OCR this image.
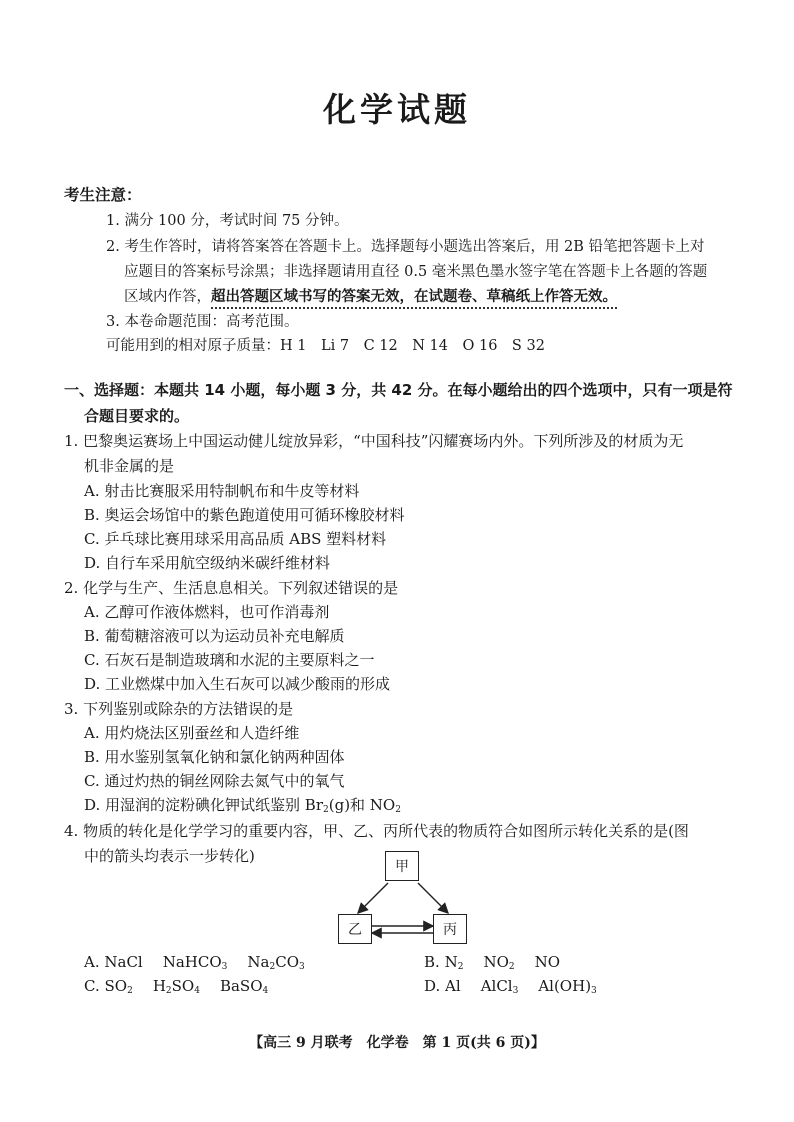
化学试题
考生注意：
1. 满分 100 分，考试时间 75 分钟。
2. 考生作答时，请将答案答在答题卡上。选择题每小题选出答案后，用 2B 铅笔把答题卡上对
应题目的答案标号涂黑；非选择题请用直径 0.5 毫米黑色墨水签字笔在答题卡上各题的答题
区域内作答，超出答题区域书写的答案无效，在试题卷、草稿纸上作答无效。
3. 本卷命题范围：高考范围。
可能用到的相对原子质量：H 1　Li 7　C 12　N 14　O 16　S 32
一、选择题：本题共 14 小题，每小题 3 分，共 42 分。在每小题给出的四个选项中，只有一项是符
合题目要求的。
1. 巴黎奥运赛场上中国运动健儿绽放异彩，“中国科技”闪耀赛场内外。下列所涉及的材质为无
机非金属的是
A. 射击比赛服采用特制帆布和牛皮等材料
B. 奥运会场馆中的紫色跑道使用可循环橡胶材料
C. 乒乓球比赛用球采用高品质 ABS 塑料材料
D. 自行车采用航空级纳米碳纤维材料
2. 化学与生产、生活息息相关。下列叙述错误的是
A. 乙醇可作液体燃料，也可作消毒剂
B. 葡萄糖溶液可以为运动员补充电解质
C. 石灰石是制造玻璃和水泥的主要原料之一
D. 工业燃煤中加入生石灰可以减少酸雨的形成
3. 下列鉴别或除杂的方法错误的是
A. 用灼烧法区别蚕丝和人造纤维
B. 用水鉴别氢氧化钠和氯化钠两种固体
C. 通过灼热的铜丝网除去氮气中的氧气
D. 用湿润的淀粉碘化钾试纸鉴别 $Br_2(g)$和 $NO_2$
4. 物质的转化是化学学习的重要内容，甲、乙、丙所代表的物质符合如图所示转化关系的是(图
中的箭头均表示一步转化)
甲
乙	丙
A. NaCl NaHCO$_3$ $Na_2CO_3$	B. $N_2$ $NO_2$ NO
C. $SO_2$ $H_2SO_4$ BaSO$_4$	D. Al AlCl$_3$ $Al(OH)_3$
【高三 9 月联考　化学卷　第 1 页(共 6 页)】
